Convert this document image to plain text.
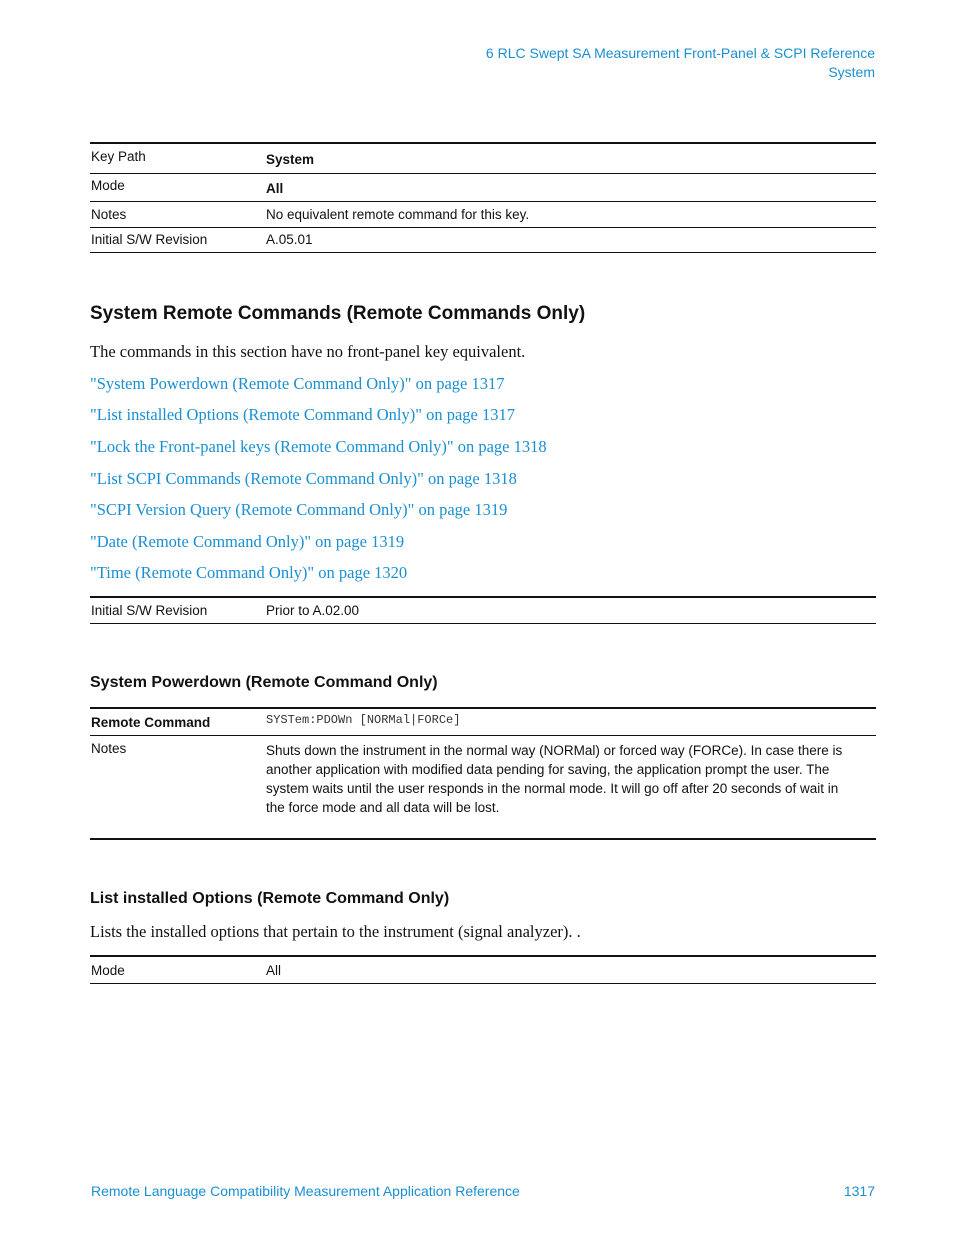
6 RLC Swept SA Measurement Front-Panel & SCPI Reference
System
Key Path	System
Mode	All
Notes	No equivalent remote command for this key.
Initial S/W Revision	A.05.01
System Remote Commands (Remote Commands Only)
The commands in this section have no front-panel key equivalent.
"System Powerdown (Remote Command Only)" on page 1317
"List installed Options (Remote Command Only)" on page 1317
"Lock the Front-panel keys (Remote Command Only)" on page 1318
"List SCPI Commands (Remote Command Only)" on page 1318
"SCPI Version Query (Remote Command Only)" on page 1319
"Date (Remote Command Only)" on page 1319
"Time (Remote Command Only)" on page 1320
Initial S/W Revision	Prior to A.02.00
System Powerdown (Remote Command Only)
Remote Command	SYSTem:PDOWn [NORMal|FORCe]
Notes	Shuts down the instrument in the normal way (NORMal) or forced way (FORCe). In case there is another application with modified data pending for saving, the application prompt the user. The system waits until the user responds in the normal mode. It will go off after 20 seconds of wait in the force mode and all data will be lost.
List installed Options (Remote Command Only)
Lists the installed options that pertain to the instrument (signal analyzer). .
Mode	All
Remote Language Compatibility Measurement Application Reference	1317
